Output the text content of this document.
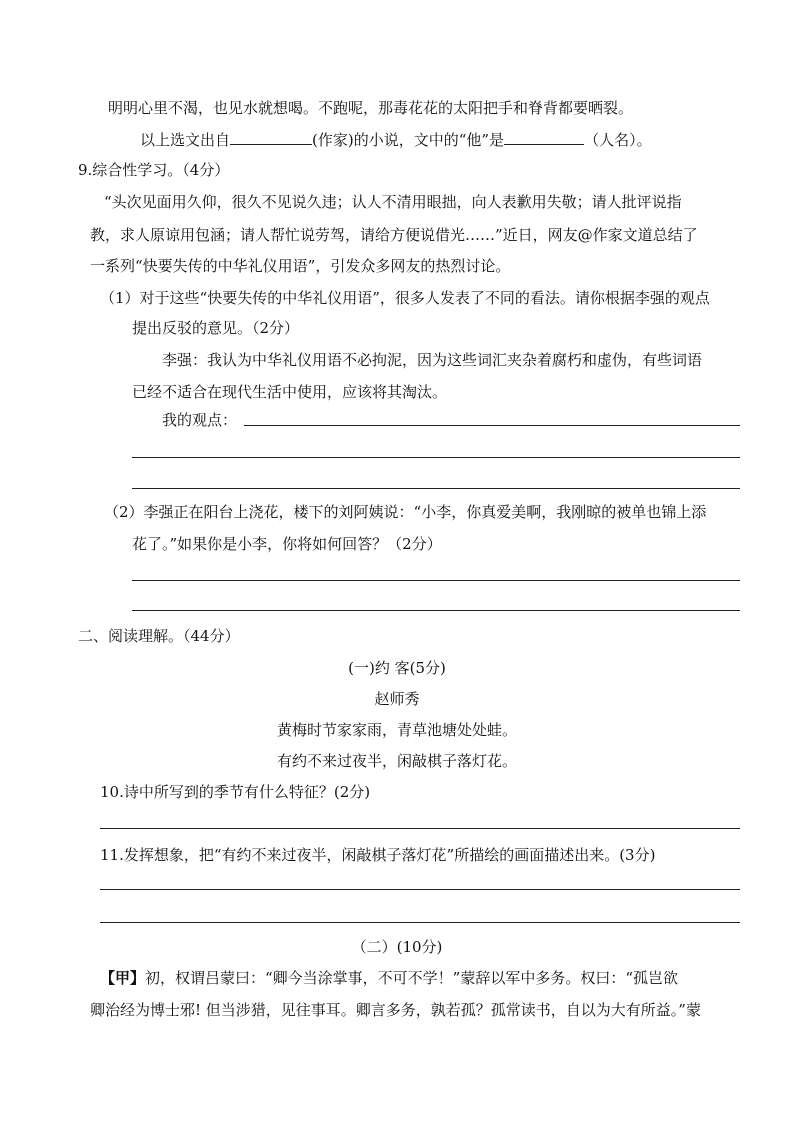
明明心里不渴，也见水就想喝。不跑呢，那毒花花的太阳把手和脊背都要晒裂。
以上选文出自	(作家)的小说，文中的“他”是	（人名）。
9.综合性学习。（4分）
“头次见面用久仰，很久不见说久违；认人不清用眼拙，向人表歉用失敬；请人批评说指
教，求人原谅用包涵；请人帮忙说劳驾，请给方便说借光……”近日，网友@作家文道总结了
一系列“快要失传的中华礼仪用语”，引发众多网友的热烈讨论。
（1）对于这些“快要失传的中华礼仪用语”，很多人发表了不同的看法。请你根据李强的观点
提出反驳的意见。（2分）
李强：我认为中华礼仪用语不必拘泥，因为这些词汇夹杂着腐朽和虚伪，有些词语
已经不适合在现代生活中使用，应该将其淘汰。
我的观点：
（2）李强正在阳台上浇花，楼下的刘阿姨说：“小李，你真爱美啊，我刚晾的被单也锦上添
花了。”如果你是小李，你将如何回答？（2分）
二、阅读理解。（44分）
(一)约 客(5分)
赵师秀
黄梅时节家家雨，青草池塘处处蛙。
有约不来过夜半，闲敲棋子落灯花。
10.诗中所写到的季节有什么特征？(2分)
11.发挥想象，把“有约不来过夜半，闲敲棋子落灯花”所描绘的画面描述出来。(3分)
（二）(10分)
【甲】初，权谓吕蒙曰：“卿今当涂掌事，不可不学！”蒙辞以军中多务。权曰：“孤岂欲
卿治经为博士邪! 但当涉猎，见往事耳。卿言多务，孰若孤？孤常读书，自以为大有所益。”蒙
